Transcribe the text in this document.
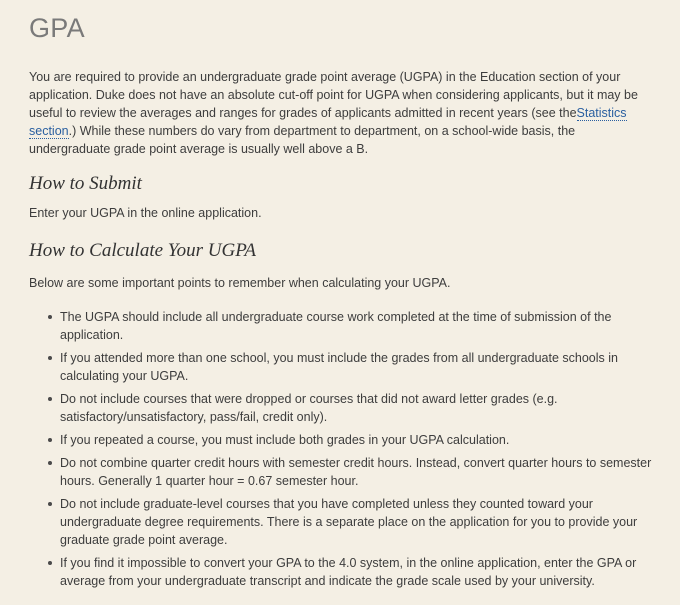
GPA

You are required to provide an undergraduate grade point average (UGPA) in the Education section of your application. Duke does not have an absolute cut-off point for UGPA when considering applicants, but it may be useful to review the averages and ranges for grades of applicants admitted in recent years (see theStatistics section.) While these numbers do vary from department to department, on a school-wide basis, the undergraduate grade point average is usually well above a B.

How to Submit

Enter your UGPA in the online application.

How to Calculate Your UGPA

Below are some important points to remember when calculating your UGPA.

The UGPA should include all undergraduate course work completed at the time of submission of the application.
If you attended more than one school, you must include the grades from all undergraduate schools in calculating your UGPA.
Do not include courses that were dropped or courses that did not award letter grades (e.g. satisfactory/unsatisfactory, pass/fail, credit only).
If you repeated a course, you must include both grades in your UGPA calculation.
Do not combine quarter credit hours with semester credit hours. Instead, convert quarter hours to semester hours. Generally 1 quarter hour = 0.67 semester hour.
Do not include graduate-level courses that you have completed unless they counted toward your undergraduate degree requirements. There is a separate place on the application for you to provide your graduate grade point average.
If you find it impossible to convert your GPA to the 4.0 system, in the online application, enter the GPA or average from your undergraduate transcript and indicate the grade scale used by your university.
